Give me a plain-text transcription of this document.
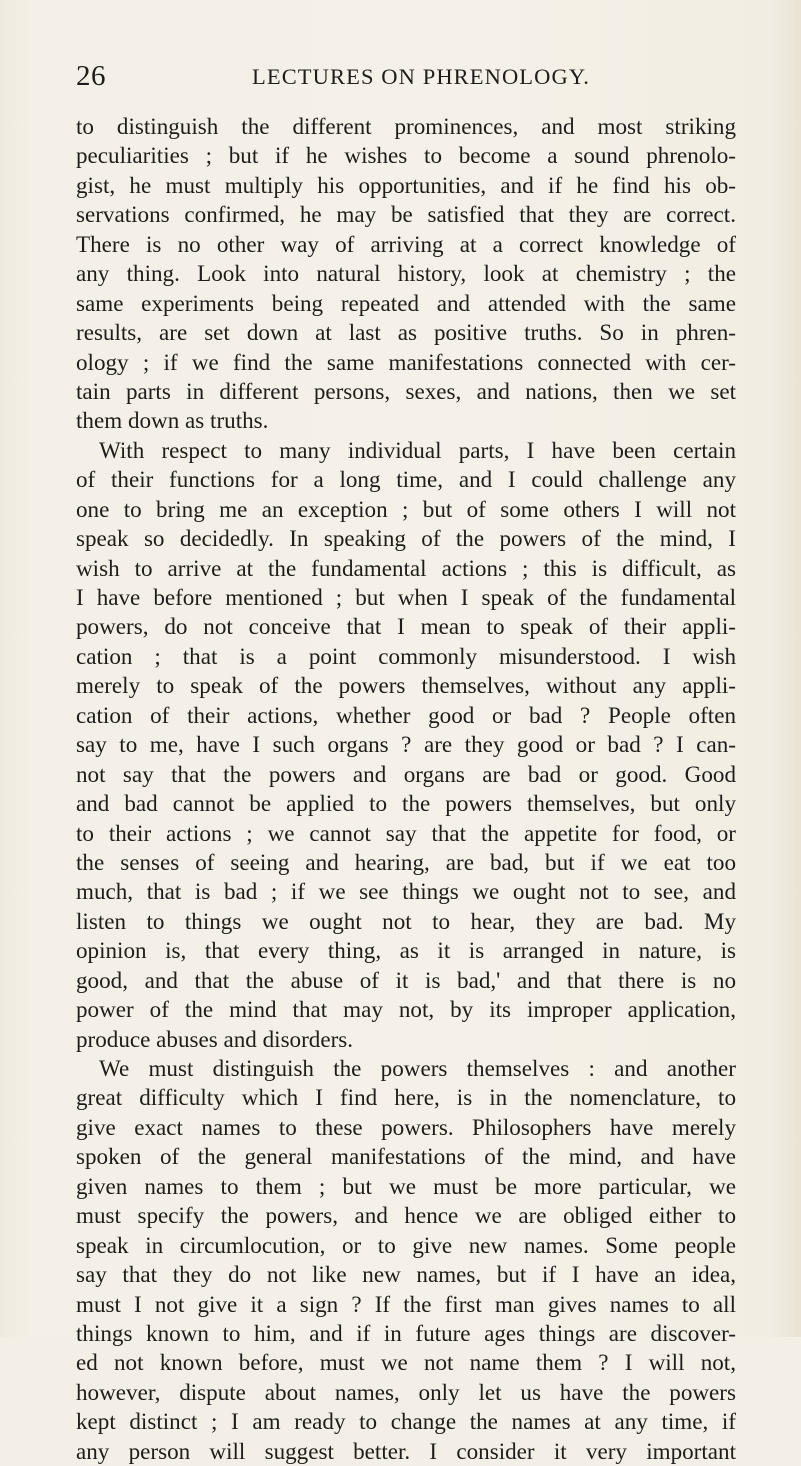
26	LECTURES ON PHRENOLOGY.
to distinguish the different prominences, and most striking
peculiarities ; but if he wishes to become a sound phrenolo-
gist, he must multiply his opportunities, and if he find his ob-
servations confirmed, he may be satisfied that they are correct.
There is no other way of arriving at a correct knowledge of
any thing. Look into natural history, look at chemistry ; the
same experiments being repeated and attended with the same
results, are set down at last as positive truths. So in phren-
ology ; if we find the same manifestations connected with cer-
tain parts in different persons, sexes, and nations, then we set
them down as truths.
With respect to many individual parts, I have been certain
of their functions for a long time, and I could challenge any
one to bring me an exception ; but of some others I will not
speak so decidedly. In speaking of the powers of the mind, I
wish to arrive at the fundamental actions ; this is difficult, as
I have before mentioned ; but when I speak of the fundamental
powers, do not conceive that I mean to speak of their appli-
cation ; that is a point commonly misunderstood. I wish
merely to speak of the powers themselves, without any appli-
cation of their actions, whether good or bad ? People often
say to me, have I such organs ? are they good or bad ? I can-
not say that the powers and organs are bad or good. Good
and bad cannot be applied to the powers themselves, but only
to their actions ; we cannot say that the appetite for food, or
the senses of seeing and hearing, are bad, but if we eat too
much, that is bad ; if we see things we ought not to see, and
listen to things we ought not to hear, they are bad. My
opinion is, that every thing, as it is arranged in nature, is
good, and that the abuse of it is bad,' and that there is no
power of the mind that may not, by its improper application,
produce abuses and disorders.
We must distinguish the powers themselves : and another
great difficulty which I find here, is in the nomenclature, to
give exact names to these powers. Philosophers have merely
spoken of the general manifestations of the mind, and have
given names to them ; but we must be more particular, we
must specify the powers, and hence we are obliged either to
speak in circumlocution, or to give new names. Some people
say that they do not like new names, but if I have an idea,
must I not give it a sign ? If the first man gives names to all
things known to him, and if in future ages things are discover-
ed not known before, must we not name them ? I will not,
however, dispute about names, only let us have the powers
kept distinct ; I am ready to change the names at any time, if
any person will suggest better. I consider it very important
